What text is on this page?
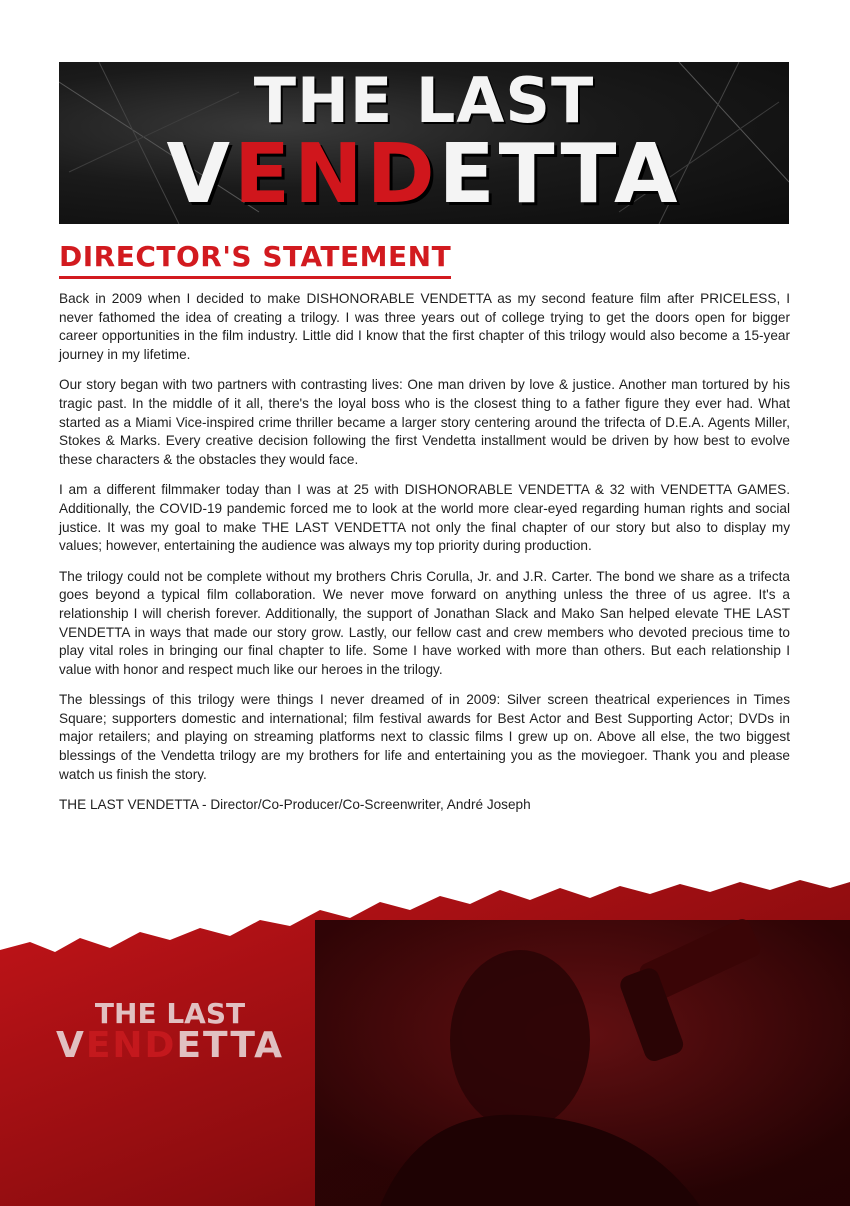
THE LAST
VENDETTA
DIRECTOR'S STATEMENT

Back in 2009 when I decided to make DISHONORABLE VENDETTA as my second feature film after PRICELESS, I never fathomed the idea of creating a trilogy. I was three years out of college trying to get the doors open for bigger career opportunities in the film industry. Little did I know that the first chapter of this trilogy would also become a 15-year journey in my lifetime.

Our story began with two partners with contrasting lives: One man driven by love & justice. Another man tortured by his tragic past. In the middle of it all, there's the loyal boss who is the closest thing to a father figure they ever had. What started as a Miami Vice-inspired crime thriller became a larger story centering around the trifecta of D.E.A. Agents Miller, Stokes & Marks. Every creative decision following the first Vendetta installment would be driven by how best to evolve these characters & the obstacles they would face.

I am a different filmmaker today than I was at 25 with DISHONORABLE VENDETTA & 32 with VENDETTA GAMES. Additionally, the COVID-19 pandemic forced me to look at the world more clear-eyed regarding human rights and social justice. It was my goal to make THE LAST VENDETTA not only the final chapter of our story but also to display my values; however, entertaining the audience was always my top priority during production.

The trilogy could not be complete without my brothers Chris Corulla, Jr. and J.R. Carter. The bond we share as a trifecta goes beyond a typical film collaboration. We never move forward on anything unless the three of us agree. It's a relationship I will cherish forever. Additionally, the support of Jonathan Slack and Mako San helped elevate THE LAST VENDETTA in ways that made our story grow. Lastly, our fellow cast and crew members who devoted precious time to play vital roles in bringing our final chapter to life. Some I have worked with more than others. But each relationship I value with honor and respect much like our heroes in the trilogy.

The blessings of this trilogy were things I never dreamed of in 2009: Silver screen theatrical experiences in Times Square; supporters domestic and international; film festival awards for Best Actor and Best Supporting Actor; DVDs in major retailers; and playing on streaming platforms next to classic films I grew up on. Above all else, the two biggest blessings of the Vendetta trilogy are my brothers for life and entertaining you as the moviegoer. Thank you and please watch us finish the story.

THE LAST VENDETTA - Director/Co-Producer/Co-Screenwriter, André Joseph

THE LAST
VENDETTA
